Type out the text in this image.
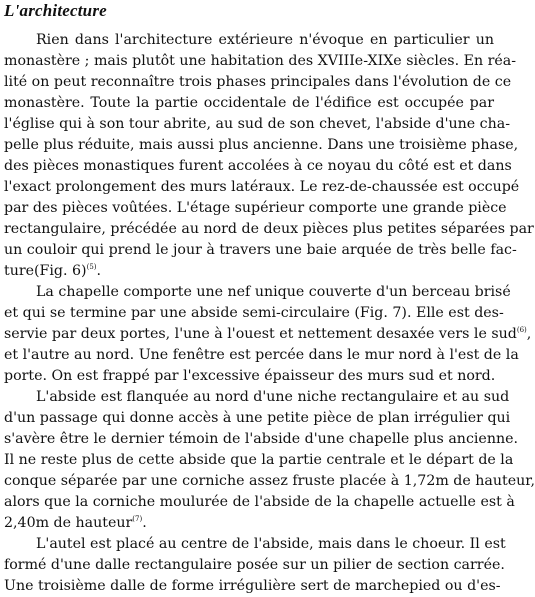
L'architecture
Rien dans l'architecture extérieure n'évoque en particulier un
monastère ; mais plutôt une habitation des XVIIIe-XIXe siècles. En réa-
lité on peut reconnaître trois phases principales dans l'évolution de ce
monastère. Toute la partie occidentale de l'édifice est occupée par
l'église qui à son tour abrite, au sud de son chevet, l'abside d'une cha-
pelle plus réduite, mais aussi plus ancienne. Dans une troisième phase,
des pièces monastiques furent accolées à ce noyau du côté est et dans
l'exact prolongement des murs latéraux. Le rez-de-chaussée est occupé
par des pièces voûtées. L'étage supérieur comporte une grande pièce
rectangulaire, précédée au nord de deux pièces plus petites séparées par
un couloir qui prend le jour à travers une baie arquée de très belle fac-
ture(Fig. 6)$^{(5)}$.
La chapelle comporte une nef unique couverte d'un berceau brisé
et qui se termine par une abside semi-circulaire (Fig. 7). Elle est des-
servie par deux portes, l'une à l'ouest et nettement desaxée vers le sud$^{(6)}$,
et l'autre au nord. Une fenêtre est percée dans le mur nord à l'est de la
porte. On est frappé par l'excessive épaisseur des murs sud et nord.
L'abside est flanquée au nord d'une niche rectangulaire et au sud
d'un passage qui donne accès à une petite pièce de plan irrégulier qui
s'avère être le dernier témoin de l'abside d'une chapelle plus ancienne.
Il ne reste plus de cette abside que la partie centrale et le départ de la
conque séparée par une corniche assez fruste placée à 1,72m de hauteur,
alors que la corniche moulurée de l'abside de la chapelle actuelle est à
2,40m de hauteur$^{(7)}$.
L'autel est placé au centre de l'abside, mais dans le choeur. Il est
formé d'une dalle rectangulaire posée sur un pilier de section carrée.
Une troisième dalle de forme irrégulière sert de marchepied ou d'es-
